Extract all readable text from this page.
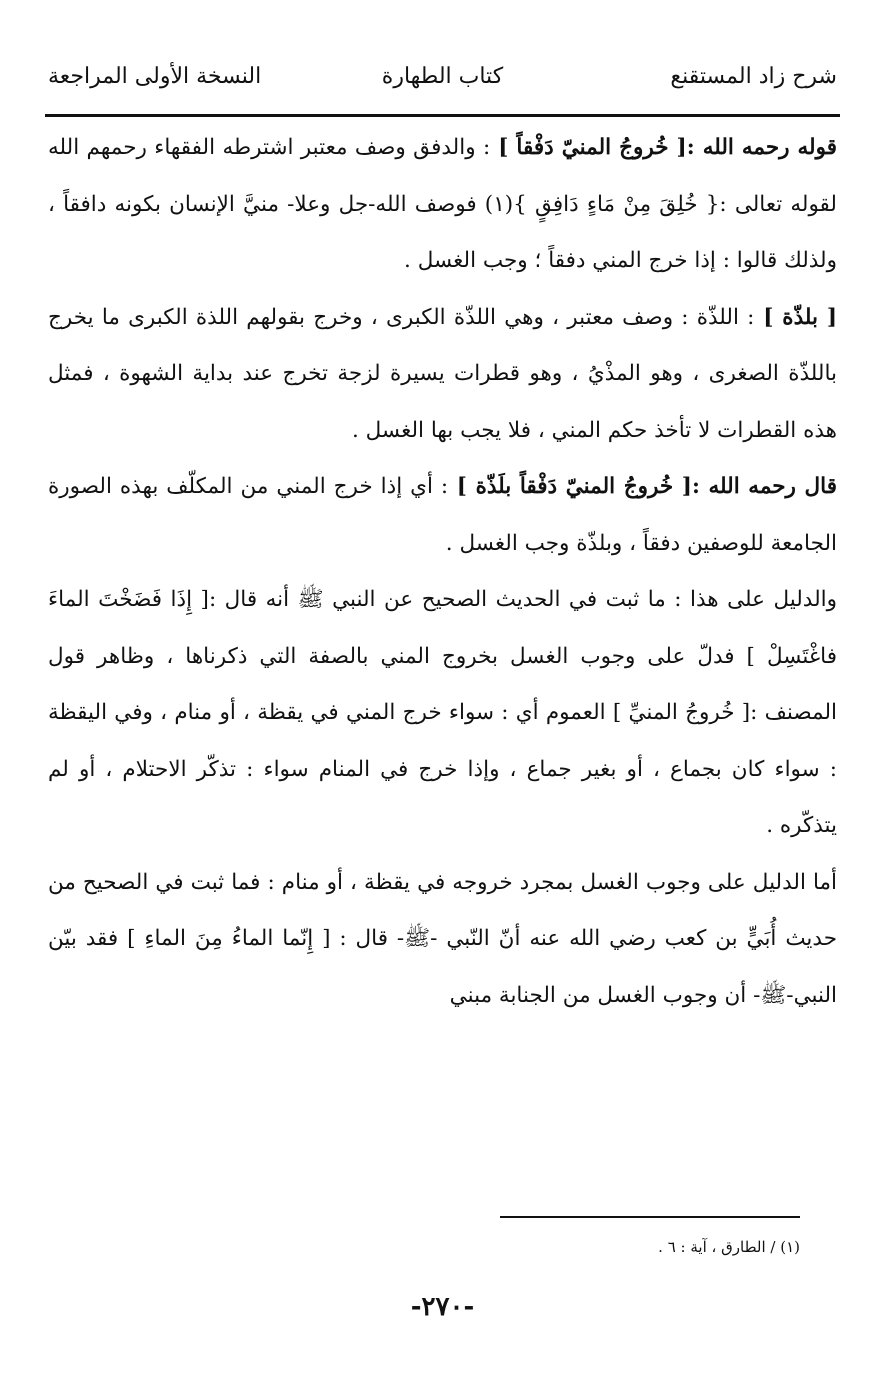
شرح زاد المستقنع
كتاب الطهارة
النسخة الأولى المراجعة

قوله رحمه الله :[ خُروجُ المنيّ دَفْقاً ] : والدفق وصف معتبر اشترطه الفقهاء رحمهم الله لقوله تعالى :{ خُلِقَ مِنْ مَاءٍ دَافِقٍ }(١) فوصف الله-جل وعلا- منيَّ الإنسان بكونه دافقاً ، ولذلك قالوا : إذا خرج المني دفقاً ؛ وجب الغسل .

[ بلذّة ] : اللذّة : وصف معتبر ، وهي اللذّة الكبرى ، وخرج بقولهم اللذة الكبرى ما يخرج باللذّة الصغرى ، وهو المذْيُ ، وهو قطرات يسيرة لزجة تخرج عند بداية الشهوة ، فمثل هذه القطرات لا تأخذ حكم المني ، فلا يجب بها الغسل .

قال رحمه الله :[ خُروجُ المنيّ دَفْقاً بلَذّة ] : أي إذا خرج المني من المكلّف بهذه الصورة الجامعة للوصفين دفقاً ، وبلذّة وجب الغسل .

والدليل على هذا : ما ثبت في الحديث الصحيح عن النبي ﷺ أنه قال :[ إِذَا فَضَخْتَ الماءَ فاغْتَسِلْ ] فدلّ على وجوب الغسل بخروج المني بالصفة التي ذكرناها ، وظاهر قول المصنف :[ خُروجُ المنيِّ ] العموم أي : سواء خرج المني في يقظة ، أو منام ، وفي اليقظة : سواء كان بجماع ، أو بغير جماع ، وإذا خرج في المنام سواء : تذكّر الاحتلام ، أو لم يتذكّره .

أما الدليل على وجوب الغسل بمجرد خروجه في يقظة ، أو منام : فما ثبت في الصحيح من حديث أُبَيٍّ بن كعب رضي الله عنه أنّ النّبي -ﷺ- قال : [ إِنّما الماءُ مِنَ الماءِ ] فقد بيّن النبي-ﷺ- أن وجوب الغسل من الجنابة مبني

(١) / الطارق ، آية : ٦ .
-٢٧٠-
